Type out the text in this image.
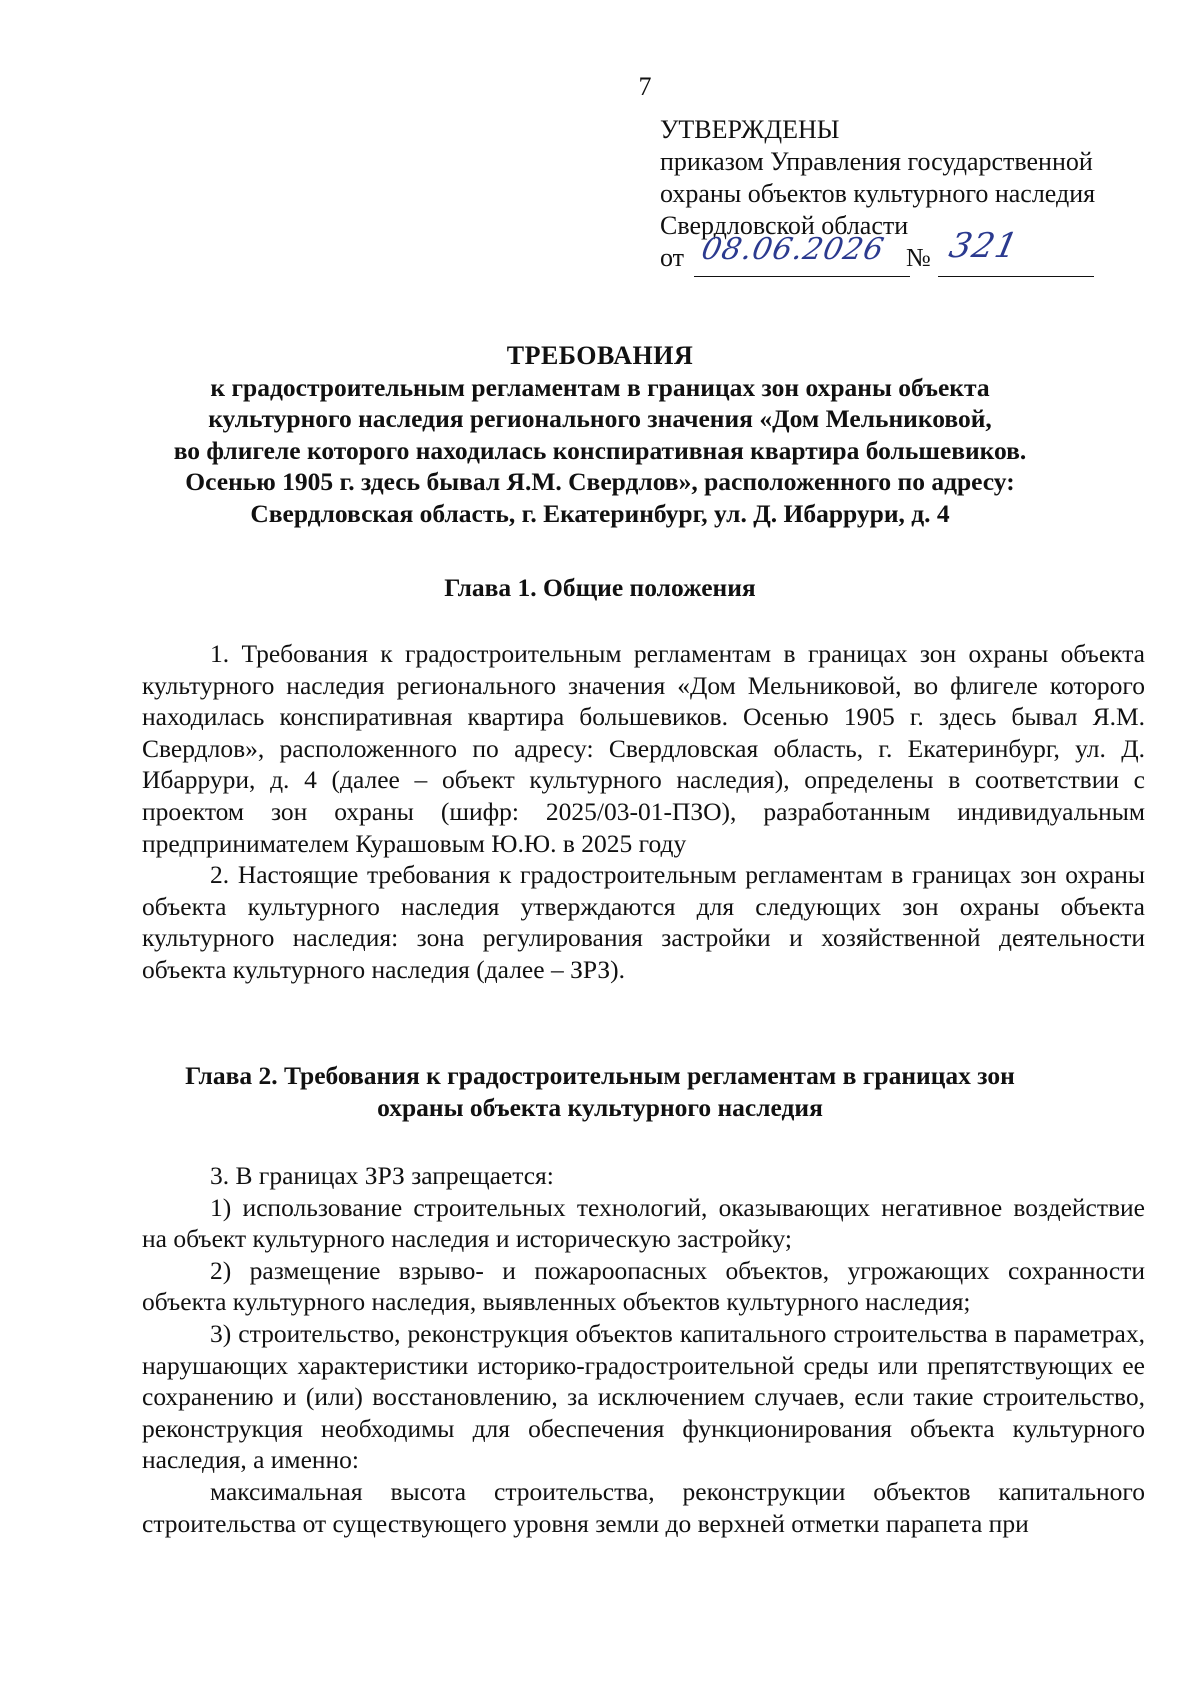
7
УТВЕРЖДЕНЫ
приказом Управления государственной
охраны объектов культурного наследия
Свердловской области
от 08.06.2026 № 321
ТРЕБОВАНИЯ
к градостроительным регламентам в границах зон охраны объекта
культурного наследия регионального значения «Дом Мельниковой,
во флигеле которого находилась конспиративная квартира большевиков.
Осенью 1905 г. здесь бывал Я.М. Свердлов», расположенного по адресу:
Свердловская область, г. Екатеринбург, ул. Д. Ибаррури, д. 4
Глава 1. Общие положения

1. Требования к градостроительным регламентам в границах зон охраны объекта культурного наследия регионального значения «Дом Мельниковой, во флигеле которого находилась конспиративная квартира большевиков. Осенью 1905 г. здесь бывал Я.М. Свердлов», расположенного по адресу: Свердловская область, г. Екатеринбург, ул. Д. Ибаррури, д. 4 (далее – объект культурного наследия), определены в соответствии с проектом зон охраны (шифр: 2025/03-01-ПЗО), разработанным индивидуальным предпринимателем Курашовым Ю.Ю. в 2025 году

2. Настоящие требования к градостроительным регламентам в границах зон охраны объекта культурного наследия утверждаются для следующих зон охраны объекта культурного наследия: зона регулирования застройки и хозяйственной деятельности объекта культурного наследия (далее – ЗРЗ).

Глава 2. Требования к градостроительным регламентам в границах зон
охраны объекта культурного наследия

3. В границах ЗРЗ запрещается:

1) использование строительных технологий, оказывающих негативное воздействие на объект культурного наследия и историческую застройку;

2) размещение взрыво- и пожароопасных объектов, угрожающих сохранности объекта культурного наследия, выявленных объектов культурного наследия;

3) строительство, реконструкция объектов капитального строительства в параметрах, нарушающих характеристики историко-градостроительной среды или препятствующих ее сохранению и (или) восстановлению, за исключением случаев, если такие строительство, реконструкция необходимы для обеспечения функционирования объекта культурного наследия, а именно:

максимальная высота строительства, реконструкции объектов капитального строительства от существующего уровня земли до верхней отметки парапета при
